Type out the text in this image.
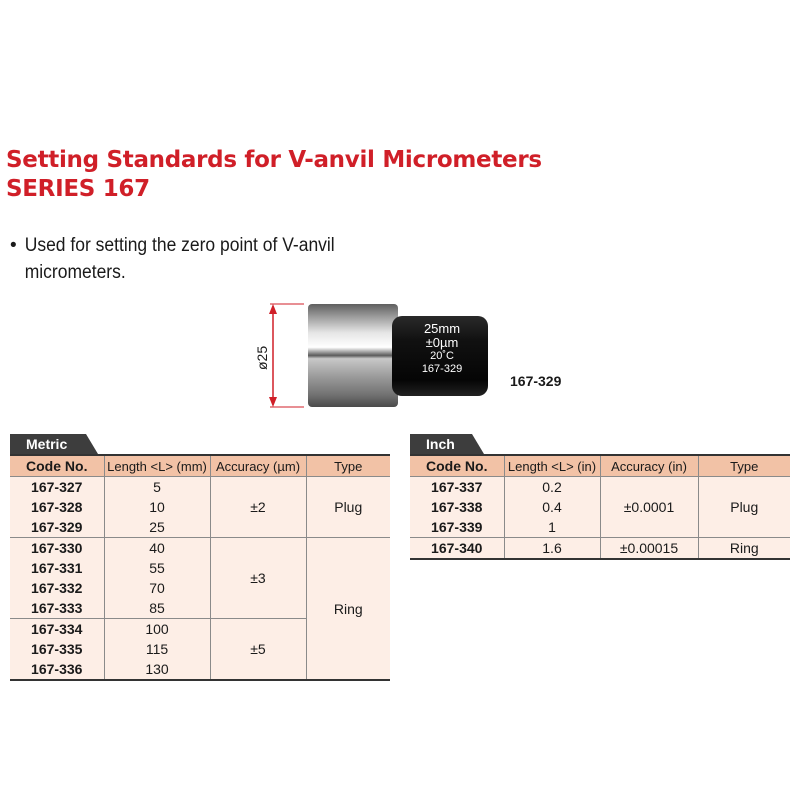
Setting Standards for V-anvil Micrometers
SERIES 167
• Used for setting the zero point of V-anvil micrometers.
ø25
25mm
±0µm
20˚C
167-329
167-329
Metric
Code No.	Length <L> (mm)	Accuracy (µm)	Type
167-327	5	±2	Plug
167-328	10		
167-329	25		
167-330	40	±3	Ring
167-331	55		
167-332	70		
167-333	85		
167-334	100	±5	
167-335	115		
167-336	130		
Inch
Code No.	Length <L> (in)	Accuracy (in)	Type
167-337	0.2	±0.0001	Plug
167-338	0.4		
167-339	1		
167-340	1.6	±0.00015	Ring
